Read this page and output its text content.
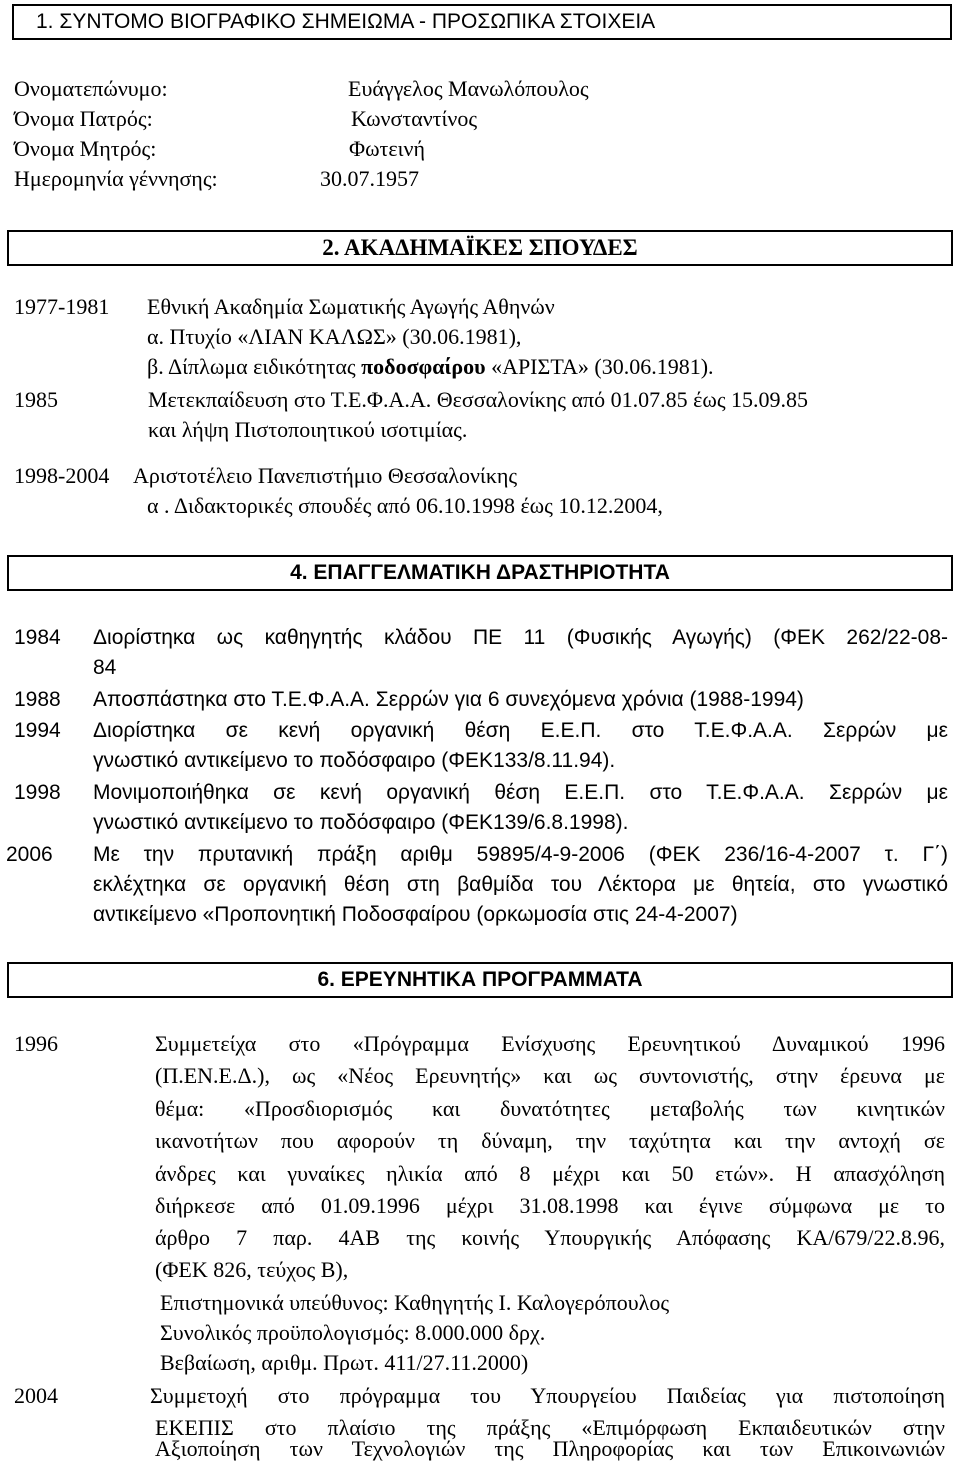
1. ΣΥΝΤΟΜΟ ΒΙΟΓΡΑΦΙΚΟ ΣΗΜΕΙΩΜΑ - ΠΡΟΣΩΠΙΚΑ ΣΤΟΙΧΕΙΑ
Ονοματεπώνυμο:	Ευάγγελος Μανωλόπουλος
Όνομα Πατρός:	Κωνσταντίνος
Όνομα Μητρός:	Φωτεινή
Ημερομηνία γέννησης:	30.07.1957
2. ΑΚΑΔΗΜΑΪΚΕΣ ΣΠΟΥΔΕΣ
1977-1981 Εθνική Ακαδημία Σωματικής Αγωγής Αθηνών
α. Πτυχίο «ΛΙΑΝ ΚΑΛΩΣ» (30.06.1981),
β. Δίπλωμα ειδικότητας ποδοσφαίρου «ΑΡΙΣΤΑ» (30.06.1981).
1985	Μετεκπαίδευση στο Τ.Ε.Φ.Α.Α. Θεσσαλονίκης από 01.07.85 έως 15.09.85
και λήψη Πιστοποιητικού ισοτιμίας.
1998-2004 Αριστοτέλειο Πανεπιστήμιο Θεσσαλονίκης
α . Διδακτορικές σπουδές από 06.10.1998 έως 10.12.2004,
4. ΕΠΑΓΓΕΛΜΑΤΙΚΗ ΔΡΑΣΤΗΡΙΟΤΗΤΑ
1984 Διορίστηκα ως καθηγητής κλάδου ΠΕ 11 (Φυσικής Αγωγής) (ΦΕΚ 262/22-08-
84
1988 Αποσπάστηκα στο Τ.Ε.Φ.Α.Α. Σερρών για 6 συνεχόμενα χρόνια (1988-1994)
1994 Διορίστηκα σε κενή οργανική θέση Ε.Ε.Π. στο Τ.Ε.Φ.Α.Α. Σερρών με
γνωστικό αντικείμενο το ποδόσφαιρο (ΦΕΚ133/8.11.94).
1998 Μονιμοποιήθηκα σε κενή οργανική θέση Ε.Ε.Π. στο Τ.Ε.Φ.Α.Α. Σερρών με
γνωστικό αντικείμενο το ποδόσφαιρο (ΦΕΚ139/6.8.1998).
2006 Με την πρυτανική πράξη αριθμ 59895/4-9-2006 (ΦΕΚ 236/16-4-2007 τ. Γ΄)
εκλέχτηκα σε οργανική θέση στη βαθμίδα του Λέκτορα με θητεία, στο γνωστικό
αντικείμενο «Προπονητική Ποδοσφαίρου (ορκωμοσία στις 24-4-2007)
6. ΕΡΕΥΝΗΤΙΚΑ ΠΡΟΓΡΑΜΜΑΤΑ
1996	Συμμετείχα στο «Πρόγραμμα Ενίσχυσης Ερευνητικού Δυναμικού 1996
(Π.ΕΝ.Ε.Δ.), ως «Νέος Ερευνητής» και ως συντονιστής, στην έρευνα με
θέμα: «Προσδιορισμός και δυνατότητες μεταβολής των κινητικών
ικανοτήτων που αφορούν τη δύναμη, την ταχύτητα και την αντοχή σε
άνδρες και γυναίκες ηλικία από 8 μέχρι και 50 ετών». Η απασχόληση
διήρκεσε από 01.09.1996 μέχρι 31.08.1998 και έγινε σύμφωνα με το
άρθρο 7 παρ. 4ΑΒ της κοινής Υπουργικής Απόφασης ΚΑ/679/22.8.96,
(ΦΕΚ 826, τεύχος Β),
Επιστημονικά υπεύθυνος: Καθηγητής Ι. Καλογερόπουλος
Συνολικός προϋπολογισμός: 8.000.000 δρχ.
Βεβαίωση, αριθμ. Πρωτ. 411/27.11.2000)
2004	Συμμετοχή στο πρόγραμμα του Υπουργείου Παιδείας για πιστοποίηση
ΕΚΕΠΙΣ στο πλαίσιο της πράξης «Επιμόρφωση Εκπαιδευτικών στην
Αξιοποίηση των Τεχνολογιών της Πληροφορίας και των Επικοινωνιών
